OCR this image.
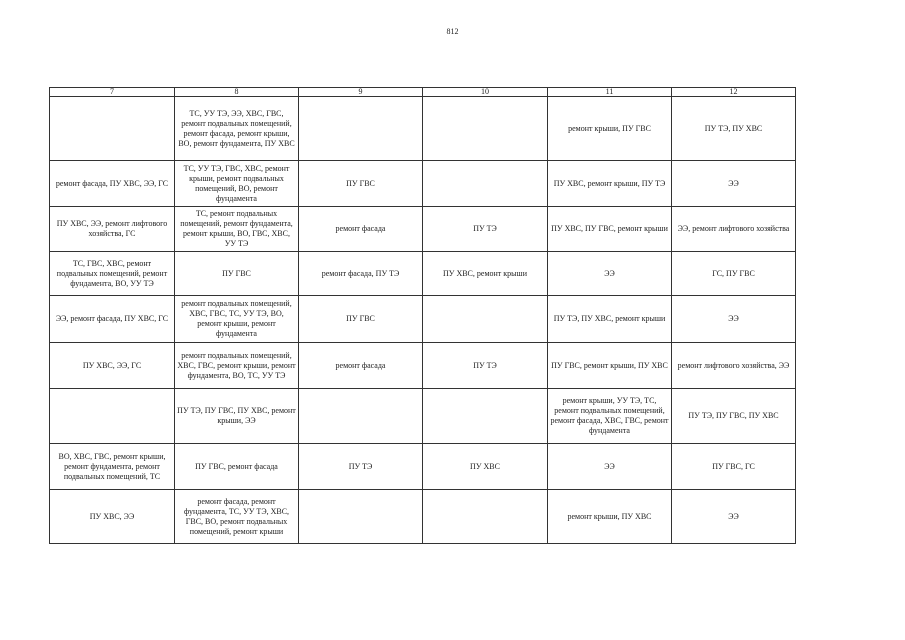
812
7	8	9	10	11	12
	ТС, УУ ТЭ, ЭЭ, ХВС, ГВС, ремонт подвальных помещений, ремонт фасада, ремонт крыши, ВО, ремонт фундамента, ПУ ХВС			ремонт крыши, ПУ ГВС	ПУ ТЭ, ПУ ХВС
ремонт фасада, ПУ ХВС, ЭЭ, ГС	ТС, УУ ТЭ, ГВС, ХВС, ремонт крыши, ремонт подвальных помещений, ВО, ремонт фундамента	ПУ ГВС		ПУ ХВС, ремонт крыши, ПУ ТЭ	ЭЭ
ПУ ХВС, ЭЭ, ремонт лифтового хозяйства, ГС	ТС, ремонт подвальных помещений, ремонт фундамента, ремонт крыши, ВО, ГВС, ХВС, УУ ТЭ	ремонт фасада	ПУ ТЭ	ПУ ХВС, ПУ ГВС, ремонт крыши	ЭЭ, ремонт лифтового хозяйства
ТС, ГВС, ХВС, ремонт подвальных помещений, ремонт фундамента, ВО, УУ ТЭ	ПУ ГВС	ремонт фасада, ПУ ТЭ	ПУ ХВС, ремонт крыши	ЭЭ	ГС, ПУ ГВС
ЭЭ, ремонт фасада, ПУ ХВС, ГС	ремонт подвальных помещений, ХВС, ГВС, ТС, УУ ТЭ, ВО, ремонт крыши, ремонт фундамента	ПУ ГВС		ПУ ТЭ, ПУ ХВС, ремонт крыши	ЭЭ
ПУ ХВС, ЭЭ, ГС	ремонт подвальных помещений, ХВС, ГВС, ремонт крыши, ремонт фундамента, ВО, ТС, УУ ТЭ	ремонт фасада	ПУ ТЭ	ПУ ГВС, ремонт крыши, ПУ ХВС	ремонт лифтового хозяйства, ЭЭ
	ПУ ТЭ, ПУ ГВС, ПУ ХВС, ремонт крыши, ЭЭ			ремонт крыши, УУ ТЭ, ТС, ремонт подвальных помещений, ремонт фасада, ХВС, ГВС, ремонт фундамента	ПУ ТЭ, ПУ ГВС, ПУ ХВС
ВО, ХВС, ГВС, ремонт крыши, ремонт фундамента, ремонт подвальных помещений, ТС	ПУ ГВС, ремонт фасада	ПУ ТЭ	ПУ ХВС	ЭЭ	ПУ ГВС, ГС
ПУ ХВС, ЭЭ	ремонт фасада, ремонт фундамента, ТС, УУ ТЭ, ХВС, ГВС, ВО, ремонт подвальных помещений, ремонт крыши			ремонт крыши, ПУ ХВС	ЭЭ
